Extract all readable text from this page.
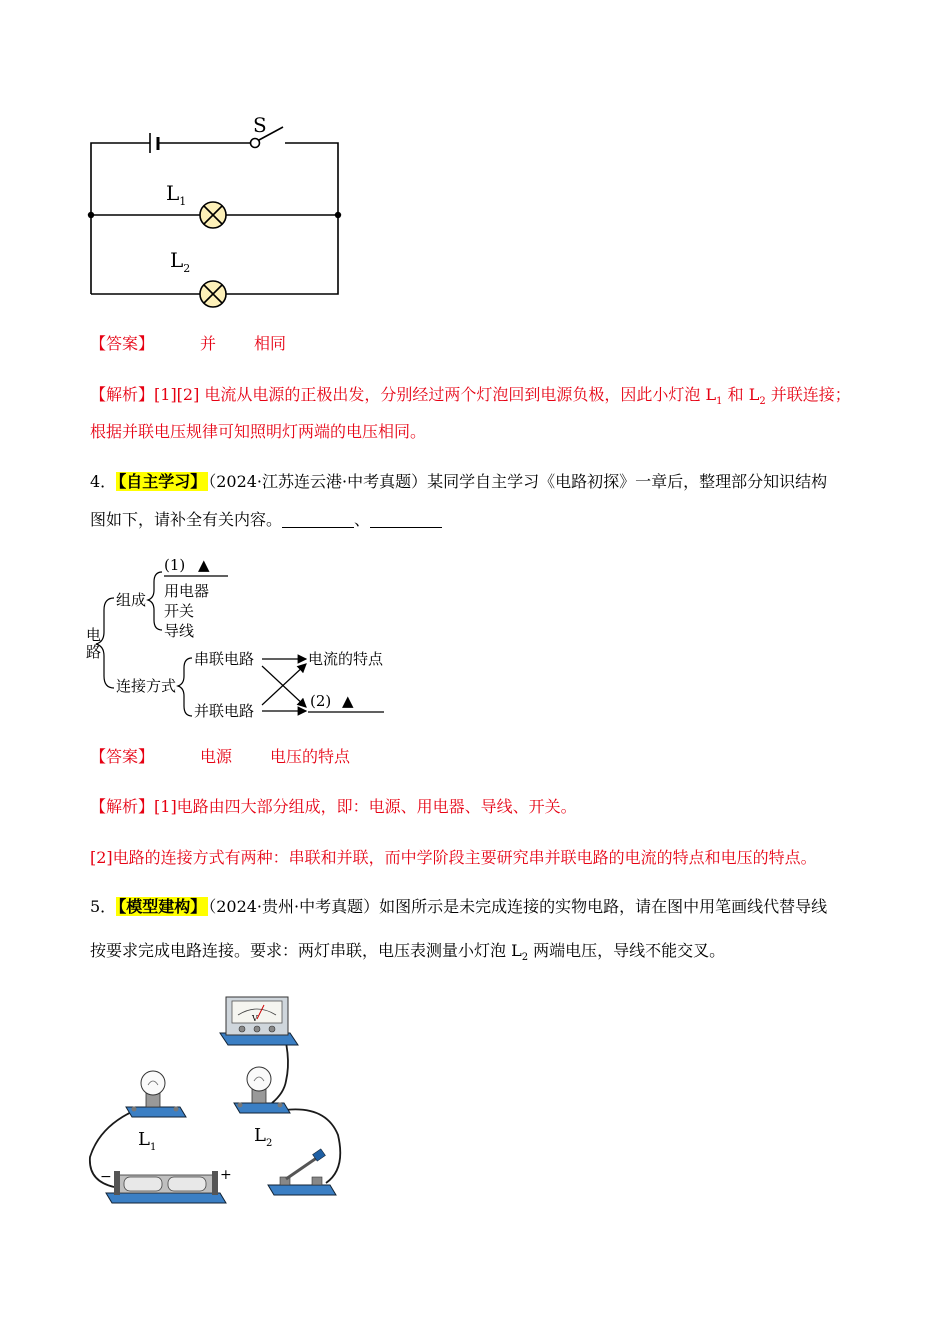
S
$L_1$
$L_2$
【答案】	并 相同
【解析】[1][2] 电流从电源的正极出发，分别经过两个灯泡回到电源负极，因此小灯泡 $L_1$ 和 $L_2$ 并联连接；
根据并联电压规律可知照明灯两端的电压相同。
4． 【自主学习】 （2024·江苏连云港·中考真题）某同学自主学习《电路初探》一章后，整理部分知识结构
图如下，请补全有关内容。	、
电
路
组成
(1) ▲
用电器
开关
导线
连接方式
串联电路
并联电路
电流的特点
(2) ▲
【答案】	电源 电压的特点
【解析】[1]电路由四大部分组成，即：电源、用电器、导线、开关。
[2]电路的连接方式有两种：串联和并联，而中学阶段主要研究串并联电路的电流的特点和电压的特点。
5． 【模型建构】 （2024·贵州·中考真题）如图所示是未完成连接的实物电路，请在图中用笔画线代替导线
按要求完成电路连接。要求：两灯串联，电压表测量小灯泡 $L_2$ 两端电压，导线不能交叉。
V
$L_1$
$L_2$
−	+
